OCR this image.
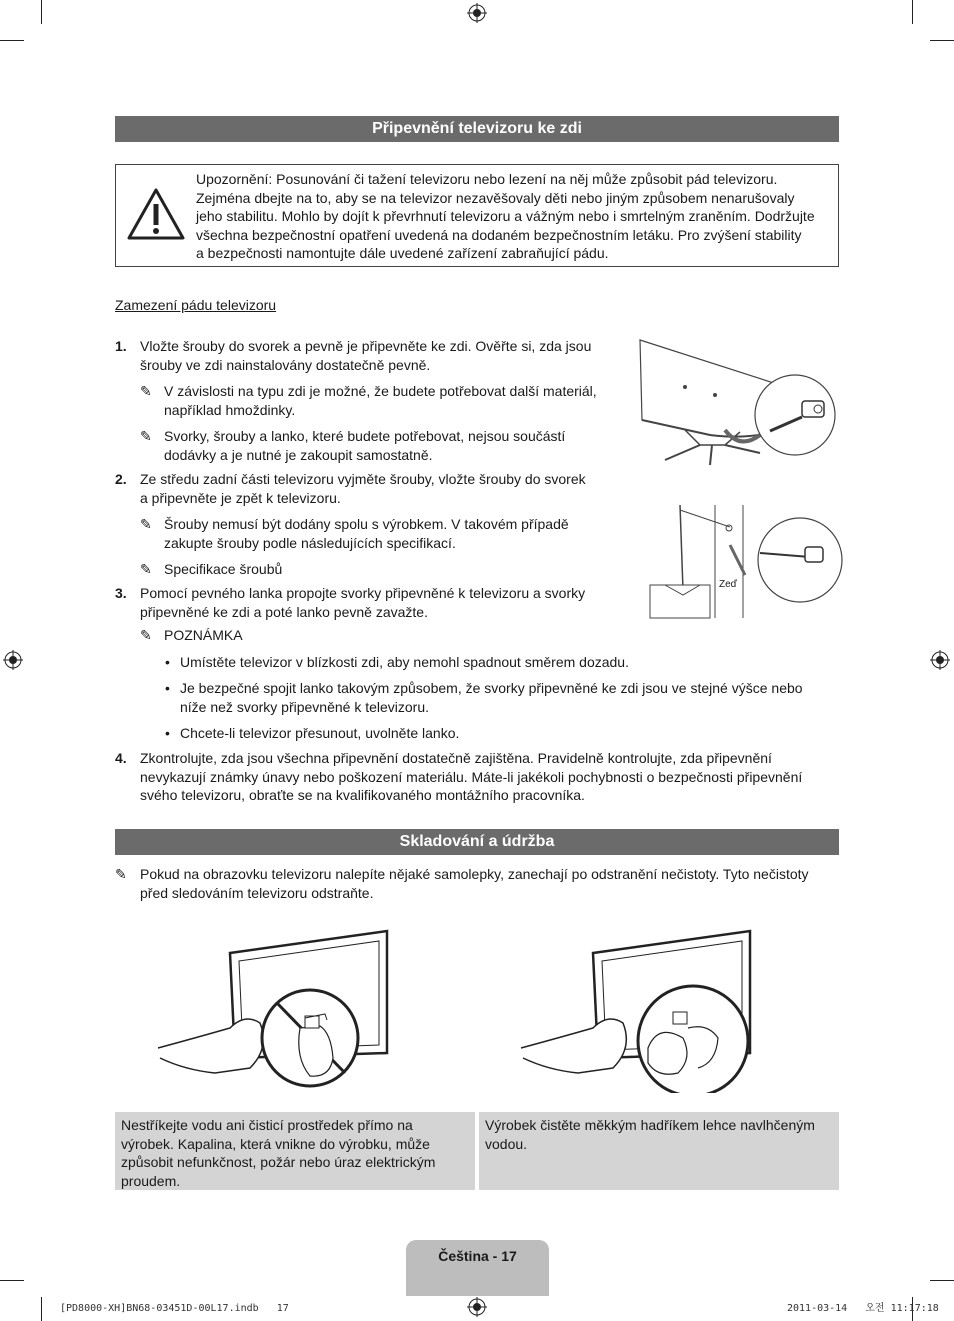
Připevnění televizoru ke zdi
Upozornění: Posunování či tažení televizoru nebo lezení na něj může způsobit pád televizoru.
Zejména dbejte na to, aby se na televizor nezavěšovaly děti nebo jiným způsobem nenarušovaly
jeho stabilitu. Mohlo by dojít k převrhnutí televizoru a vážným nebo i smrtelným zraněním. Dodržujte
všechna bezpečnostní opatření uvedená na dodaném bezpečnostním letáku. Pro zvýšení stability
a bezpečnosti namontujte dále uvedené zařízení zabraňující pádu.
Zamezení pádu televizoru
1. Vložte šrouby do svorek a pevně je připevněte ke zdi. Ověřte si, zda jsou
šrouby ve zdi nainstalovány dostatečně pevně.
✎ V závislosti na typu zdi je možné, že budete potřebovat další materiál,
například hmoždinky.
✎ Svorky, šrouby a lanko, které budete potřebovat, nejsou součástí
dodávky a je nutné je zakoupit samostatně.
2. Ze středu zadní části televizoru vyjměte šrouby, vložte šrouby do svorek
a připevněte je zpět k televizoru.
✎ Šrouby nemusí být dodány spolu s výrobkem. V takovém případě
zakupte šrouby podle následujících specifikací.
✎ Specifikace šroubů
3. Pomocí pevného lanka propojte svorky připevněné k televizoru a svorky
připevněné ke zdi a poté lanko pevně zavažte.
✎ POZNÁMKA
• Umístěte televizor v blízkosti zdi, aby nemohl spadnout směrem dozadu.
• Je bezpečné spojit lanko takovým způsobem, že svorky připevněné ke zdi jsou ve stejné výšce nebo
níže než svorky připevněné k televizoru.
• Chcete-li televizor přesunout, uvolněte lanko.
4. Zkontrolujte, zda jsou všechna připevnění dostatečně zajištěna. Pravidelně kontrolujte, zda připevnění
nevykazují známky únavy nebo poškození materiálu. Máte-li jakékoli pochybnosti o bezpečnosti připevnění
svého televizoru, obraťte se na kvalifikovaného montážního pracovníka.
Zeď
Skladování a údržba
✎ Pokud na obrazovku televizoru nalepíte nějaké samolepky, zanechají po odstranění nečistoty. Tyto nečistoty
před sledováním televizoru odstraňte.
Nestříkejte vodu ani čisticí prostředek přímo na
výrobek. Kapalina, která vnikne do výrobku, může
způsobit nefunkčnost, požár nebo úraz elektrickým
proudem.
Výrobek čistěte měkkým hadříkem lehce navlhčeným
vodou.
Čeština - 17
[PD8000-XH]BN68-03451D-00L17.indb   17	2011-03-14   오전 11:17:18
